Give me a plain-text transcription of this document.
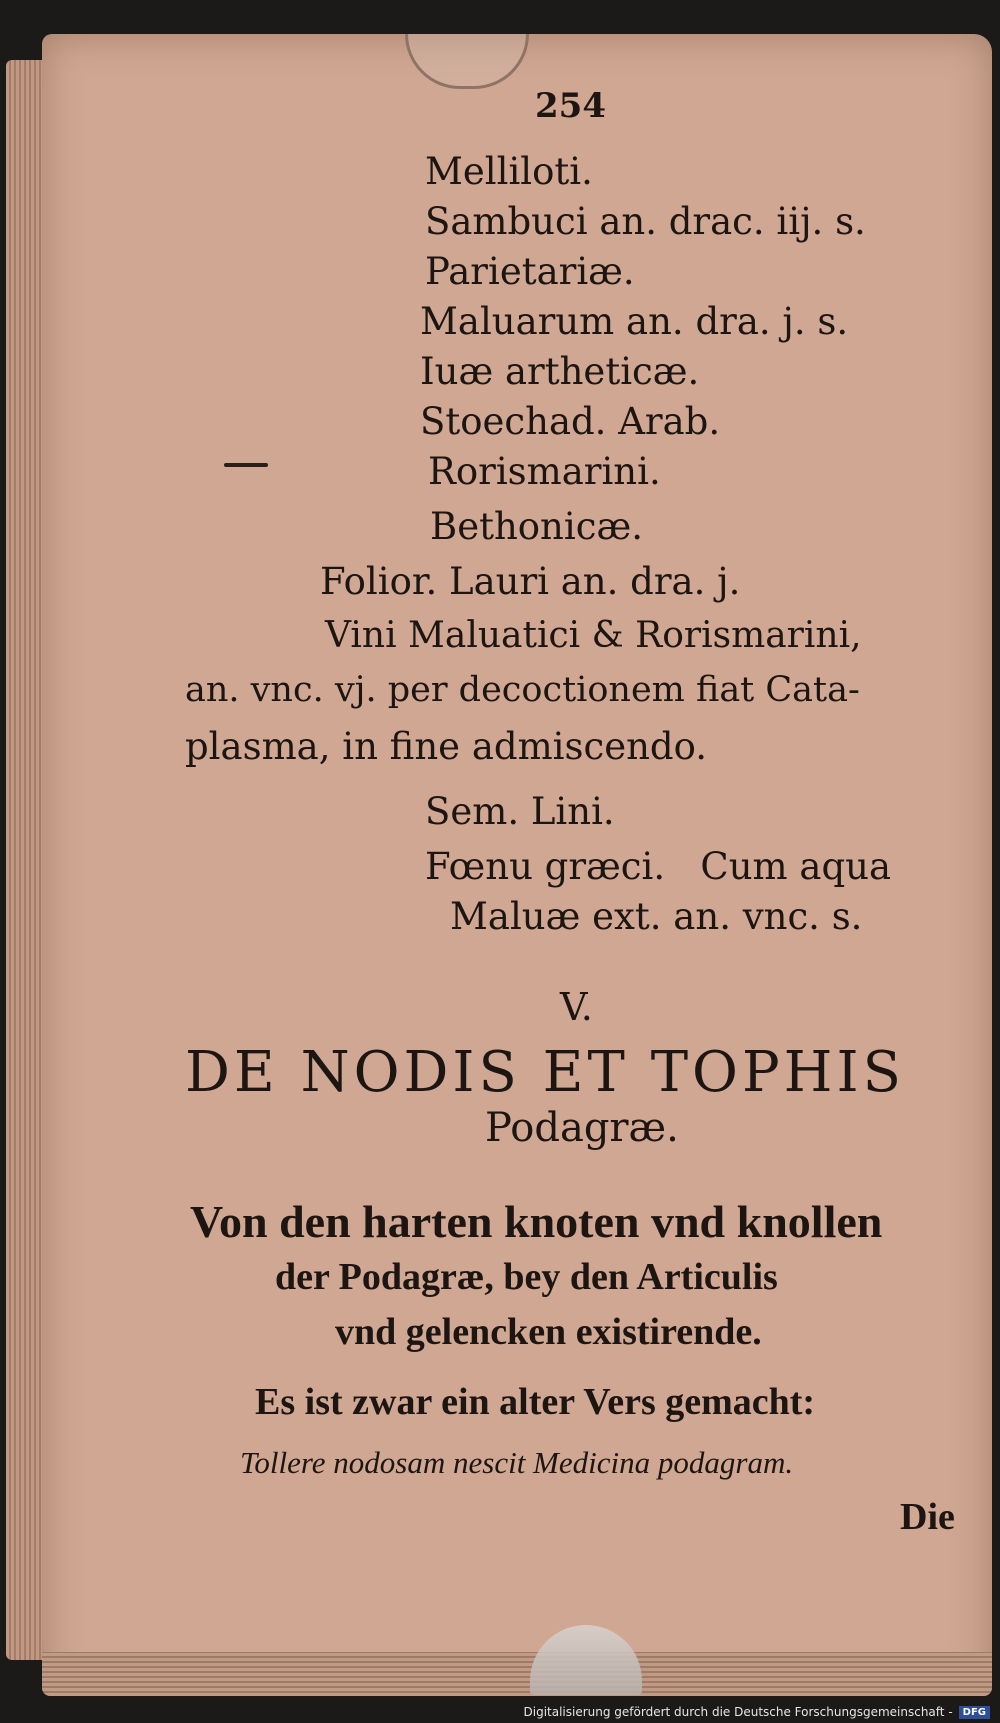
254
Melliloti.
Sambuci an. drac. iij. s.
Parietariæ.
Maluarum an. dra. j. s.
Iuæ artheticæ.
Stoechad. Arab.
Rorismarini.
Bethonicæ.
Folior. Lauri an. dra. j.
Vini Maluatici & Rorismarini,
an. vnc. vj. per decoctionem fiat Cata-
plasma, in fine admiscendo.
Sem. Lini.
Fœnu græci.   Cum aqua
Maluæ ext. an. vnc. s.
V.
DE NODIS ET TOPHIS
Podagræ.
Von den harten knoten vnd knollen
der Podagræ, bey den Articulis
vnd gelencken existirende.
Es ist zwar ein alter Vers gemacht:
Tollere nodosam nescit Medicina podagram.
Die
Digitalisierung gefördert durch die Deutsche Forschungsgemeinschaft -	DFG
